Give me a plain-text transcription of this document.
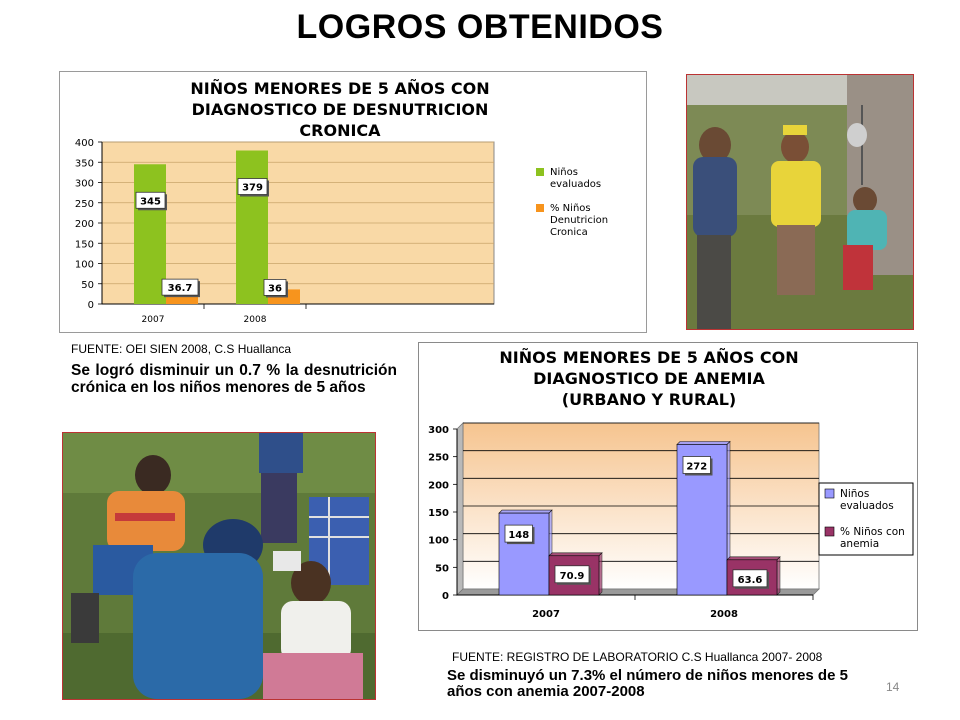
LOGROS OBTENIDOS
NIÑOS MENORES DE 5 AÑOS CON
DIAGNOSTICO DE DESNUTRICION
CRONICA
0
50
100
150
200
250
300
350
400
2007
345
36.7
2008
379
36
Niños
evaluados
% Niños
Denutricion
Cronica
FUENTE: OEI SIEN 2008, C.S Huallanca
Se logró disminuir un 0.7 % la desnutrición crónica en los niños menores de 5 años
NIÑOS MENORES DE 5 AÑOS CON
DIAGNOSTICO DE ANEMIA
(URBANO Y RURAL)
0
50
100
150
200
250
300
2007
148
70.9
2008
272
63.6
Niños
evaluados
% Niños con
anemia
FUENTE: REGISTRO DE LABORATORIO C.S Huallanca 2007- 2008
Se disminuyó un 7.3% el número de niños menores de 5 años con anemia 2007-2008	14
